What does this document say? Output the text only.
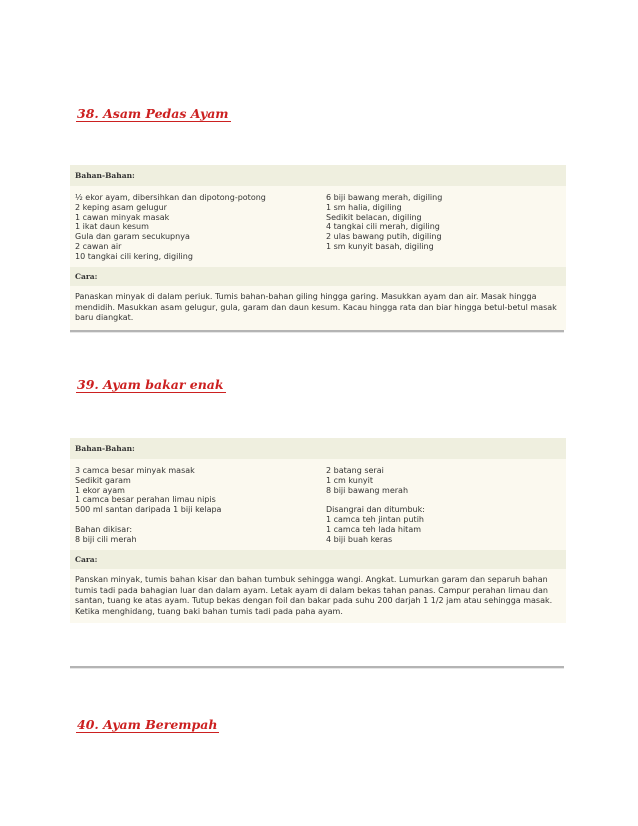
38. Asam Pedas Ayam
Bahan-Bahan:
½ ekor ayam, dibersihkan dan dipotong-potong
2 keping asam gelugur
1 cawan minyak masak
1 ikat daun kesum
Gula dan garam secukupnya
2 cawan air
10 tangkai cili kering, digiling
6 biji bawang merah, digiling
1 sm halia, digiling
Sedikit belacan, digiling
4 tangkai cili merah, digiling
2 ulas bawang putih, digiling
1 sm kunyit basah, digiling
Cara:
Panaskan minyak di dalam periuk. Tumis bahan-bahan giling hingga garing. Masukkan ayam dan air. Masak hingga mendidih. Masukkan asam gelugur, gula, garam dan daun kesum. Kacau hingga rata dan biar hingga betul-betul masak baru diangkat.
39. Ayam bakar enak
Bahan-Bahan:
3 camca besar minyak masak
Sedikit garam
1 ekor ayam
1 camca besar perahan limau nipis
500 ml santan daripada 1 biji kelapa
Bahan dikisar:
8 biji cili merah
2 batang serai
1 cm kunyit
8 biji bawang merah
Disangrai dan ditumbuk:
1 camca teh jintan putih
1 camca teh lada hitam
4 biji buah keras
Cara:
Panskan minyak, tumis bahan kisar dan bahan tumbuk sehingga wangi. Angkat. Lumurkan garam dan separuh bahan tumis tadi pada bahagian luar dan dalam ayam. Letak ayam di dalam bekas tahan panas. Campur perahan limau dan santan, tuang ke atas ayam. Tutup bekas dengan foil dan bakar pada suhu 200 darjah 1 1/2 jam atau sehingga masak. Ketika menghidang, tuang baki bahan tumis tadi pada paha ayam.
40. Ayam Berempah
